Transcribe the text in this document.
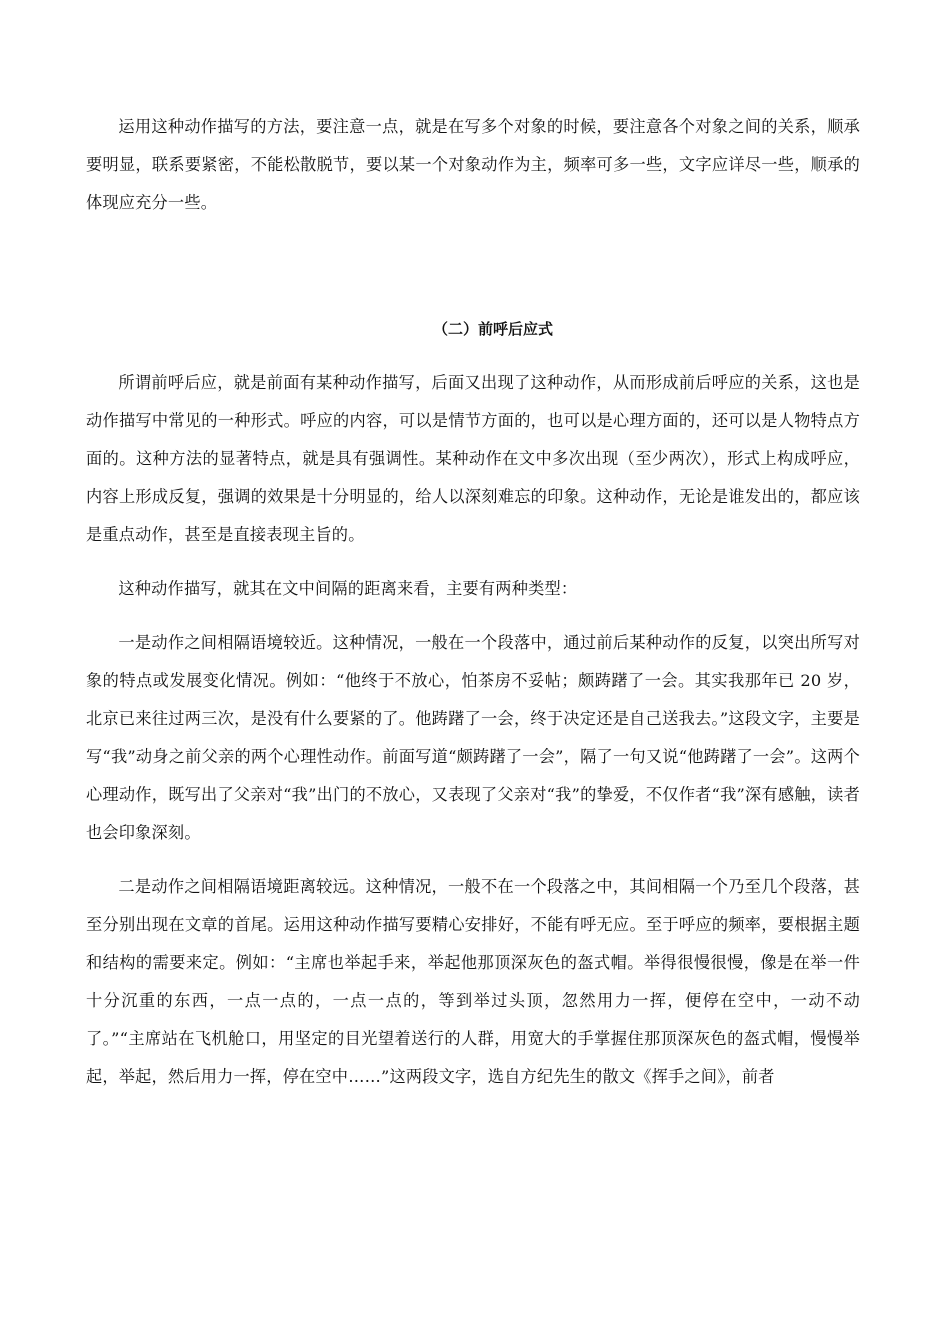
运用这种动作描写的方法，要注意一点，就是在写多个对象的时候，要注意各个对象之间的关系，顺承要明显，联系要紧密，不能松散脱节，要以某一个对象动作为主，频率可多一些，文字应详尽一些，顺承的体现应充分一些。

（二）前呼后应式

所谓前呼后应，就是前面有某种动作描写，后面又出现了这种动作，从而形成前后呼应的关系，这也是动作描写中常见的一种形式。呼应的内容，可以是情节方面的，也可以是心理方面的，还可以是人物特点方面的。这种方法的显著特点，就是具有强调性。某种动作在文中多次出现（至少两次），形式上构成呼应，内容上形成反复，强调的效果是十分明显的，给人以深刻难忘的印象。这种动作，无论是谁发出的，都应该是重点动作，甚至是直接表现主旨的。

这种动作描写，就其在文中间隔的距离来看，主要有两种类型：

一是动作之间相隔语境较近。这种情况，一般在一个段落中，通过前后某种动作的反复，以突出所写对象的特点或发展变化情况。例如：“他终于不放心，怕茶房不妥帖；颇踌躇了一会。其实我那年已 20 岁，北京已来往过两三次，是没有什么要紧的了。他踌躇了一会，终于决定还是自己送我去。”这段文字，主要是写“我”动身之前父亲的两个心理性动作。前面写道“颇踌躇了一会”，隔了一句又说“他踌躇了一会”。这两个心理动作，既写出了父亲对“我”出门的不放心，又表现了父亲对“我”的挚爱，不仅作者“我”深有感触，读者也会印象深刻。

二是动作之间相隔语境距离较远。这种情况，一般不在一个段落之中，其间相隔一个乃至几个段落，甚至分别出现在文章的首尾。运用这种动作描写要精心安排好，不能有呼无应。至于呼应的频率，要根据主题和结构的需要来定。例如：“主席也举起手来，举起他那顶深灰色的盔式帽。举得很慢很慢，像是在举一件十分沉重的东西，一点一点的，一点一点的，等到举过头顶，忽然用力一挥，便停在空中，一动不动了。”“主席站在飞机舱口，用坚定的目光望着送行的人群，用宽大的手掌握住那顶深灰色的盔式帽，慢慢举起，举起，然后用力一挥，停在空中……”这两段文字，选自方纪先生的散文《挥手之间》，前者
